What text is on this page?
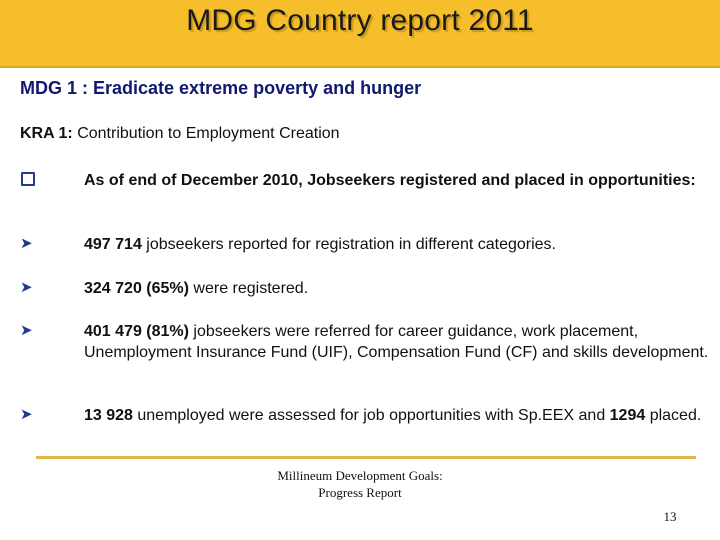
MDG Country report 2011
MDG 1 : Eradicate extreme poverty and hunger
KRA 1: Contribution to Employment Creation
As of end of December 2010, Jobseekers registered and placed in opportunities:
➤	497 714 jobseekers reported for registration in different categories.
➤	324 720 (65%) were registered.
➤	401 479 (81%) jobseekers were referred for career guidance, work placement, Unemployment Insurance Fund (UIF), Compensation Fund (CF) and skills development.
➤	13 928 unemployed were assessed for job opportunities with Sp.EEX and 1294 placed.
Millineum Development Goals:
Progress Report
13
